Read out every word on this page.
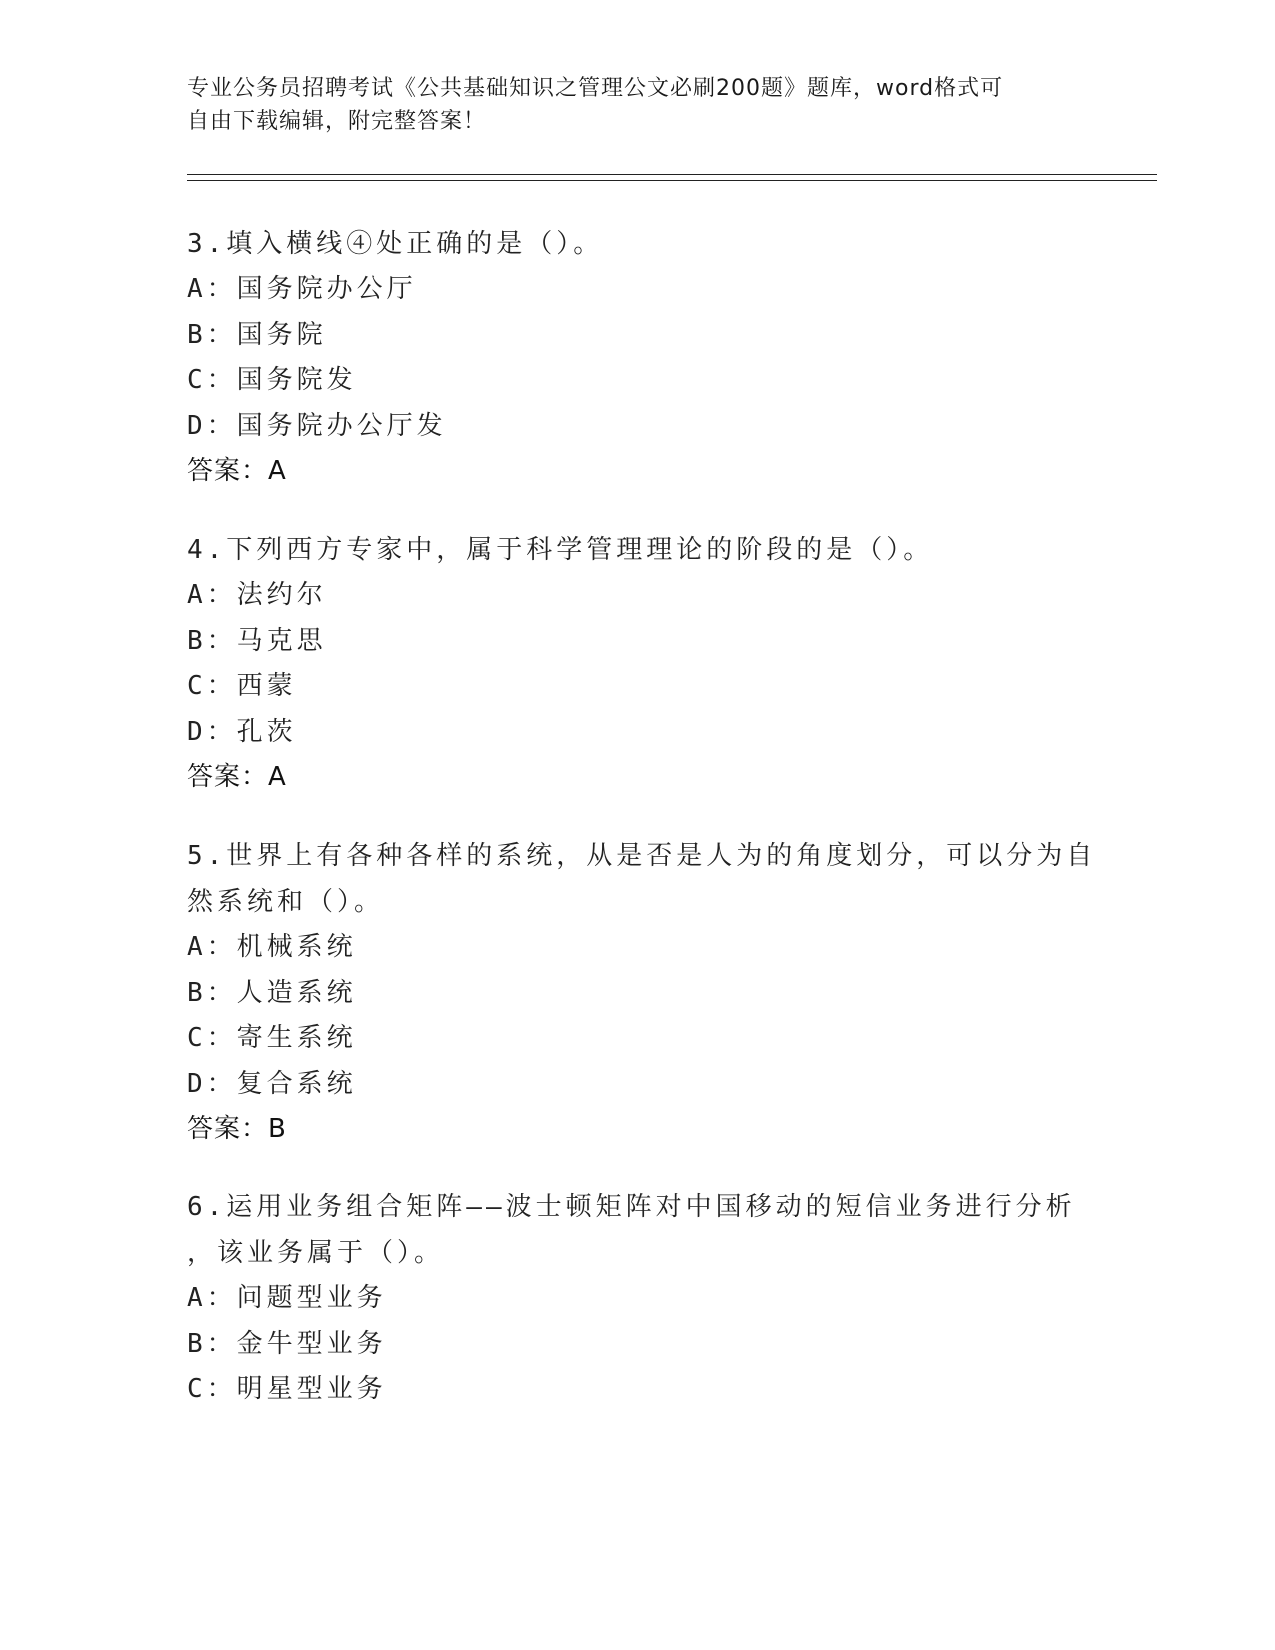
专业公务员招聘考试《公共基础知识之管理公文必刷200题》题库，word格式可
自由下载编辑，附完整答案！
3.填入横线④处正确的是（）。
A：国务院办公厅
B：国务院
C：国务院发
D：国务院办公厅发
答案：A
4.下列西方专家中，属于科学管理理论的阶段的是（）。
A：法约尔
B：马克思
C：西蒙
D：孔茨
答案：A
5.世界上有各种各样的系统，从是否是人为的角度划分，可以分为自
然系统和（）。
A：机械系统
B：人造系统
C：寄生系统
D：复合系统
答案：B
6.运用业务组合矩阵——波士顿矩阵对中国移动的短信业务进行分析
，该业务属于（）。
A：问题型业务
B：金牛型业务
C：明星型业务
